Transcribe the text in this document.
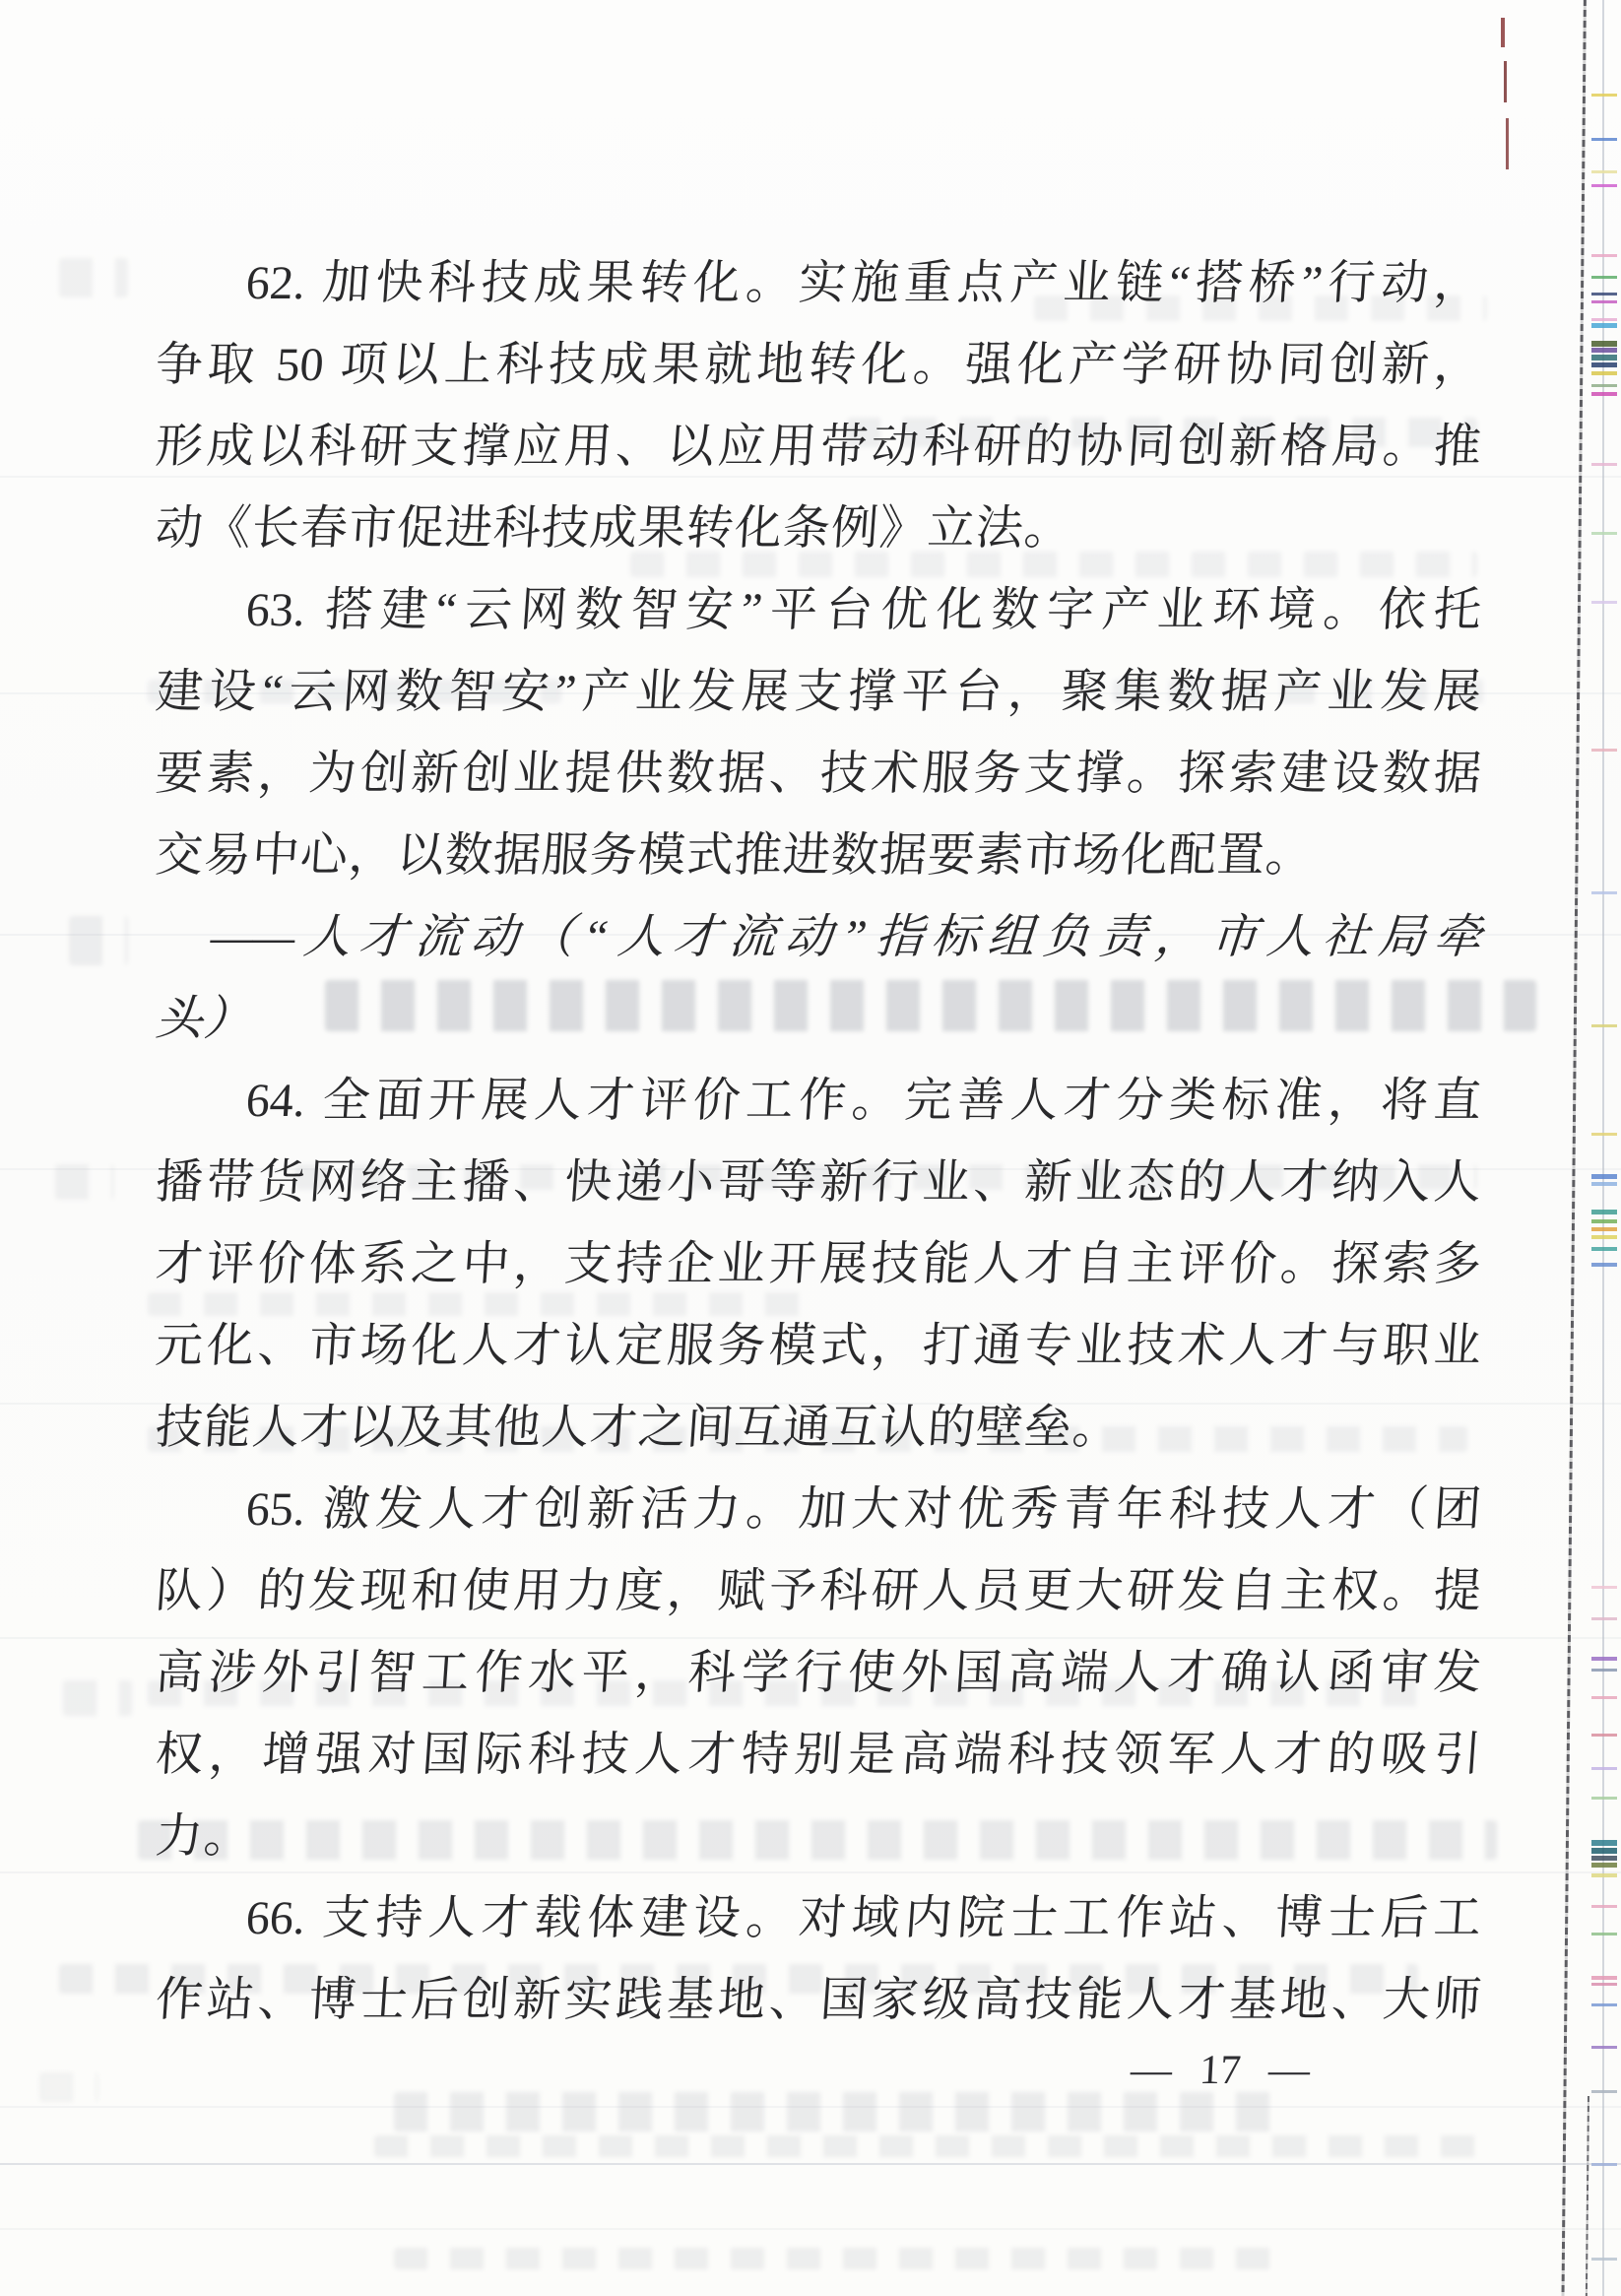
62. 加快科技成果转化。实施重点产业链“搭桥”行动，
争取 50 项以上科技成果就地转化。强化产学研协同创新，
形成以科研支撑应用、以应用带动科研的协同创新格局。推
动《长春市促进科技成果转化条例》立法。
63. 搭建“云网数智安”平台优化数字产业环境。依托
建设“云网数智安”产业发展支撑平台，聚集数据产业发展
要素，为创新创业提供数据、技术服务支撑。探索建设数据
交易中心，以数据服务模式推进数据要素市场化配置。
——人才流动（“人才流动”指标组负责，市人社局牵
头）
64. 全面开展人才评价工作。完善人才分类标准，将直
播带货网络主播、快递小哥等新行业、新业态的人才纳入人
才评价体系之中，支持企业开展技能人才自主评价。探索多
元化、市场化人才认定服务模式，打通专业技术人才与职业
技能人才以及其他人才之间互通互认的壁垒。
65. 激发人才创新活力。加大对优秀青年科技人才（团
队）的发现和使用力度，赋予科研人员更大研发自主权。提
高涉外引智工作水平，科学行使外国高端人才确认函审发
权，增强对国际科技人才特别是高端科技领军人才的吸引
力。
66. 支持人才载体建设。对域内院士工作站、博士后工
作站、博士后创新实践基地、国家级高技能人才基地、大师
— 17 —
